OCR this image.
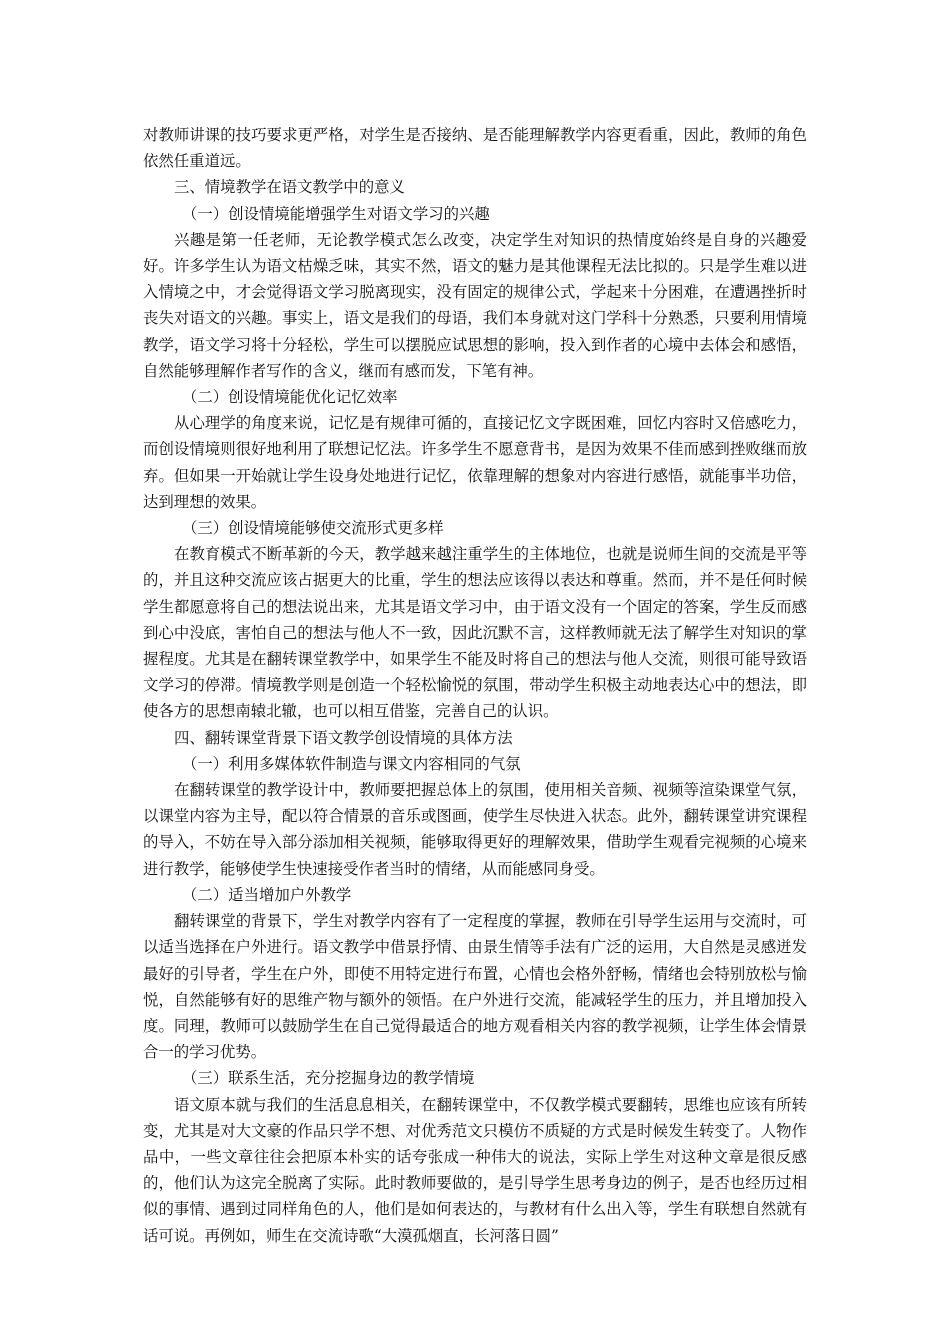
对教师讲课的技巧要求更严格，对学生是否接纳、是否能理解教学内容更看重，因此，教师的角色依然任重道远。

三、情境教学在语文教学中的意义

（一）创设情境能增强学生对语文学习的兴趣

兴趣是第一任老师，无论教学模式怎么改变，决定学生对知识的热情度始终是自身的兴趣爱好。许多学生认为语文枯燥乏味，其实不然，语文的魅力是其他课程无法比拟的。只是学生难以进入情境之中，才会觉得语文学习脱离现实，没有固定的规律公式，学起来十分困难，在遭遇挫折时丧失对语文的兴趣。事实上，语文是我们的母语，我们本身就对这门学科十分熟悉，只要利用情境教学，语文学习将十分轻松，学生可以摆脱应试思想的影响，投入到作者的心境中去体会和感悟，自然能够理解作者写作的含义，继而有感而发，下笔有神。

（二）创设情境能优化记忆效率

从心理学的角度来说，记忆是有规律可循的，直接记忆文字既困难，回忆内容时又倍感吃力，而创设情境则很好地利用了联想记忆法。许多学生不愿意背书，是因为效果不佳而感到挫败继而放弃。但如果一开始就让学生设身处地进行记忆，依靠理解的想象对内容进行感悟，就能事半功倍，达到理想的效果。

（三）创设情境能够使交流形式更多样

在教育模式不断革新的今天，教学越来越注重学生的主体地位，也就是说师生间的交流是平等的，并且这种交流应该占据更大的比重，学生的想法应该得以表达和尊重。然而，并不是任何时候学生都愿意将自己的想法说出来，尤其是语文学习中，由于语文没有一个固定的答案，学生反而感到心中没底，害怕自己的想法与他人不一致，因此沉默不言，这样教师就无法了解学生对知识的掌握程度。尤其是在翻转课堂教学中，如果学生不能及时将自己的想法与他人交流，则很可能导致语文学习的停滞。情境教学则是创造一个轻松愉悦的氛围，带动学生积极主动地表达心中的想法，即使各方的思想南辕北辙，也可以相互借鉴，完善自己的认识。

四、翻转课堂背景下语文教学创设情境的具体方法

（一）利用多媒体软件制造与课文内容相同的气氛

在翻转课堂的教学设计中，教师要把握总体上的氛围，使用相关音频、视频等渲染课堂气氛，以课堂内容为主导，配以符合情景的音乐或图画，使学生尽快进入状态。此外，翻转课堂讲究课程的导入，不妨在导入部分添加相关视频，能够取得更好的理解效果，借助学生观看完视频的心境来进行教学，能够使学生快速接受作者当时的情绪，从而能感同身受。

（二）适当增加户外教学

翻转课堂的背景下，学生对教学内容有了一定程度的掌握，教师在引导学生运用与交流时，可以适当选择在户外进行。语文教学中借景抒情、由景生情等手法有广泛的运用，大自然是灵感迸发最好的引导者，学生在户外，即使不用特定进行布置，心情也会格外舒畅，情绪也会特别放松与愉悦，自然能够有好的思维产物与额外的领悟。在户外进行交流，能减轻学生的压力，并且增加投入度。同理，教师可以鼓励学生在自己觉得最适合的地方观看相关内容的教学视频，让学生体会情景合一的学习优势。

（三）联系生活，充分挖掘身边的教学情境

语文原本就与我们的生活息息相关，在翻转课堂中，不仅教学模式要翻转，思维也应该有所转变，尤其是对大文豪的作品只学不想、对优秀范文只模仿不质疑的方式是时候发生转变了。人物作品中，一些文章往往会把原本朴实的话夸张成一种伟大的说法，实际上学生对这种文章是很反感的，他们认为这完全脱离了实际。此时教师要做的，是引导学生思考身边的例子，是否也经历过相似的事情、遇到过同样角色的人，他们是如何表达的，与教材有什么出入等，学生有联想自然就有话可说。再例如，师生在交流诗歌“大漠孤烟直，长河落日圆”
